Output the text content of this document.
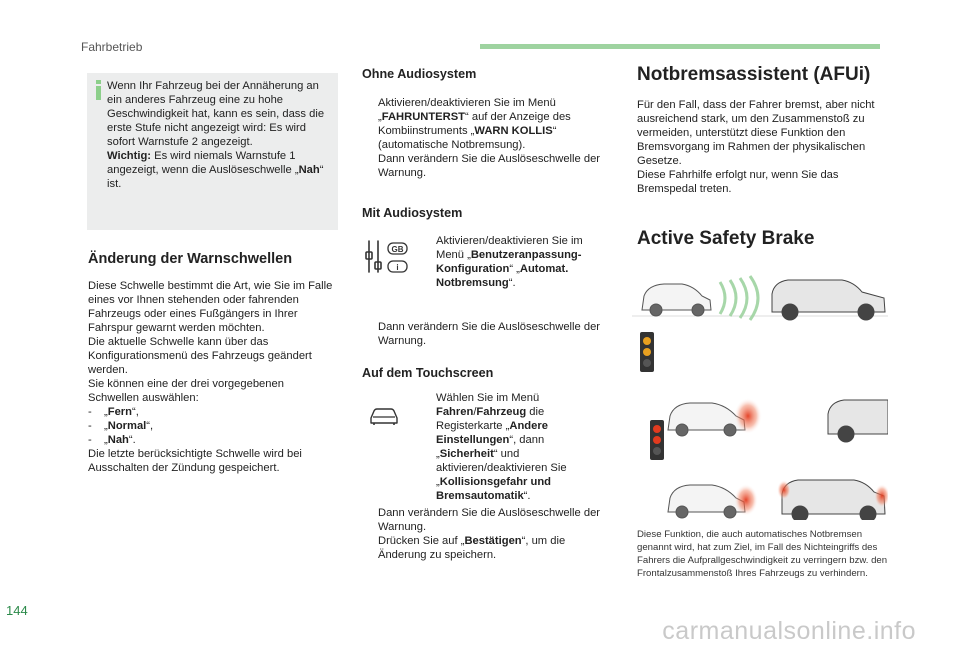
Fahrbetrieb
Wenn Ihr Fahrzeug bei der Annäherung an ein anderes Fahrzeug eine zu hohe Geschwindigkeit hat, kann es sein, dass die erste Stufe nicht angezeigt wird: Es wird sofort Warnstufe 2 angezeigt.
Wichtig: Es wird niemals Warnstufe 1 angezeigt, wenn die Auslöseschwelle „Nah“ ist.
Änderung der Warnschwellen
Diese Schwelle bestimmt die Art, wie Sie im Falle eines vor Ihnen stehenden oder fahrenden Fahrzeugs oder eines Fußgängers in Ihrer Fahrspur gewarnt werden möchten.
Die aktuelle Schwelle kann über das Konfigurationsmenü des Fahrzeugs geändert werden.
Sie können eine der drei vorgegebenen Schwellen auswählen:
- „Fern“,
- „Normal“,
- „Nah“.
Die letzte berücksichtigte Schwelle wird bei Ausschalten der Zündung gespeichert.
Ohne Audiosystem
Aktivieren/deaktivieren Sie im Menü „FAHRUNTERST“ auf der Anzeige des Kombiinstruments „WARN KOLLIS“ (automatische Notbremsung).
Dann verändern Sie die Auslöseschwelle der Warnung.
Mit Audiosystem
GB
i
Aktivieren/deaktivieren Sie im Menü „Benutzeranpassung-Konfiguration“ „Automat. Notbremsung“.
Dann verändern Sie die Auslöseschwelle der Warnung.
Auf dem Touchscreen
Wählen Sie im Menü Fahren/Fahrzeug die Registerkarte „Andere Einstellungen“, dann „Sicherheit“ und aktivieren/deaktivieren Sie „Kollisionsgefahr und Bremsautomatik“.
Dann verändern Sie die Auslöseschwelle der Warnung.
Drücken Sie auf „Bestätigen“, um die Änderung zu speichern.
Notbremsassistent (AFUi)
Für den Fall, dass der Fahrer bremst, aber nicht ausreichend stark, um den Zusammenstoß zu vermeiden, unterstützt diese Funktion den Bremsvorgang im Rahmen der physikalischen Gesetze.
Diese Fahrhilfe erfolgt nur, wenn Sie das Bremspedal treten.
Active Safety Brake
Diese Funktion, die auch automatisches Notbremsen genannt wird, hat zum Ziel, im Fall des Nichteingriffs des Fahrers die Aufprallgeschwindigkeit zu verringern bzw. den Frontalzusammenstoß Ihres Fahrzeugs zu verhindern.
144
carmanualsonline.info
